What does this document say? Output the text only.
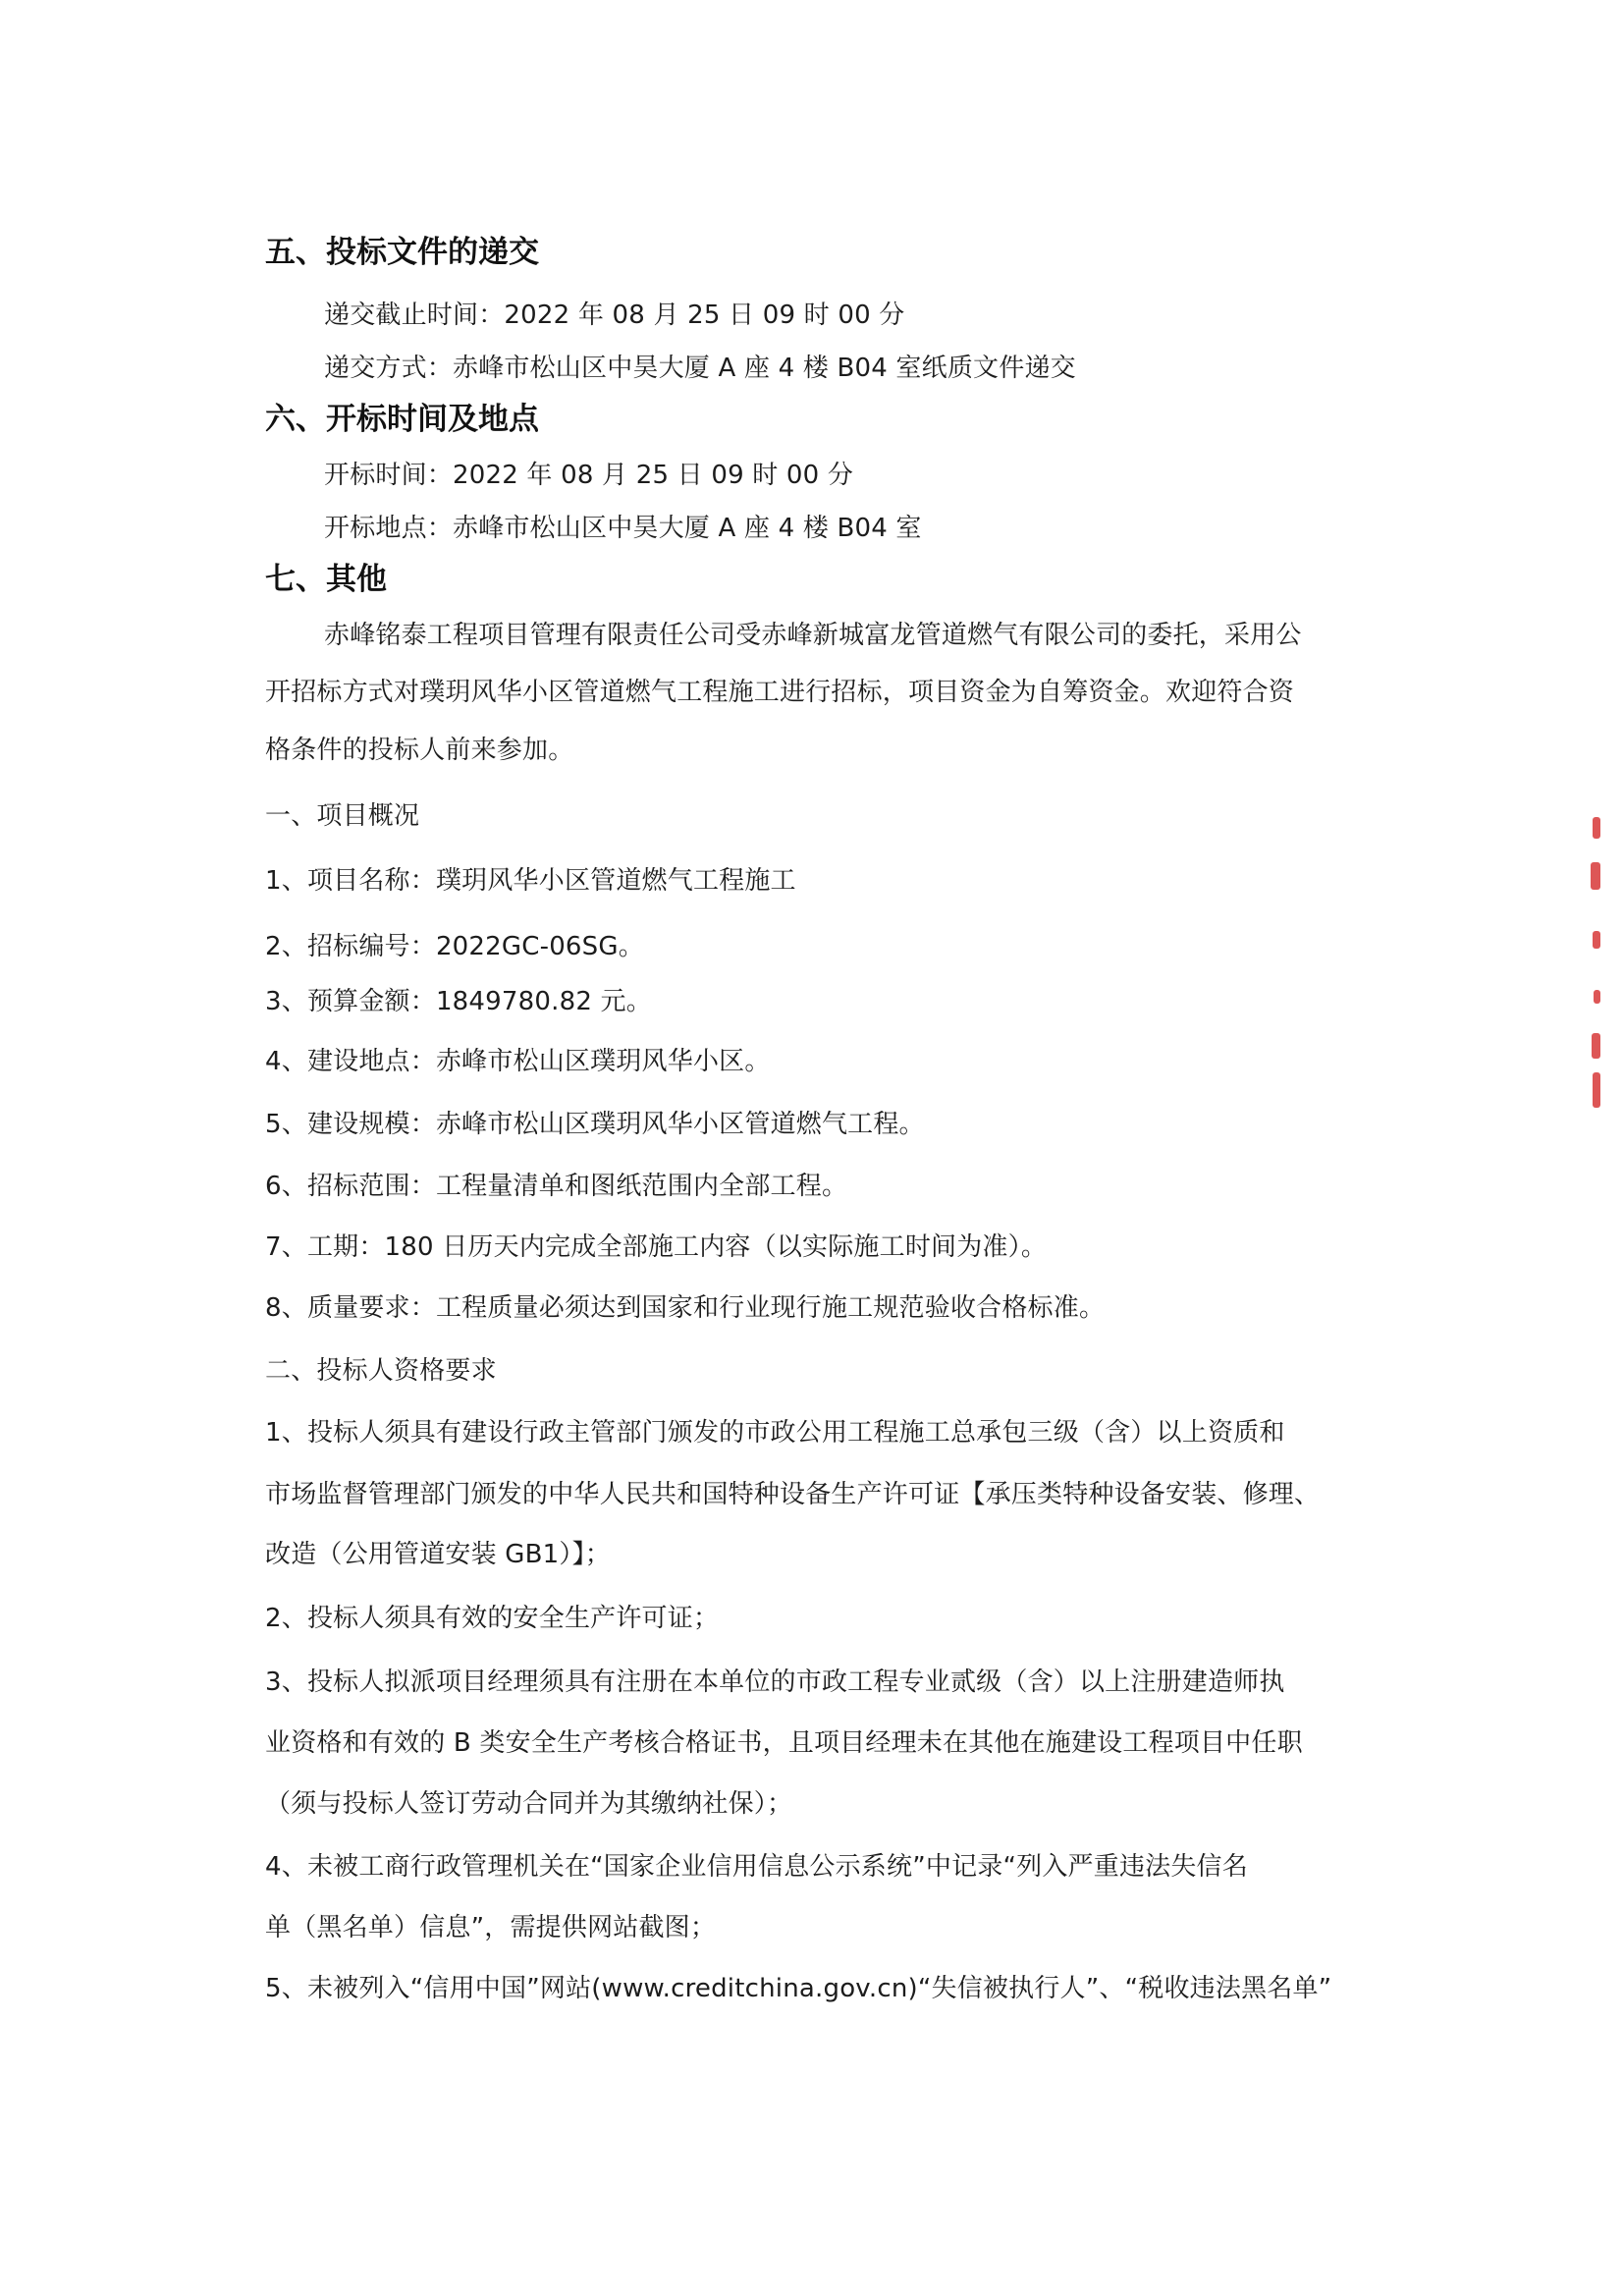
五、投标文件的递交
递交截止时间：2022 年 08 月 25 日 09 时 00 分
递交方式：赤峰市松山区中昊大厦 A 座 4 楼 B04 室纸质文件递交
六、开标时间及地点
开标时间：2022 年 08 月 25 日 09 时 00 分
开标地点：赤峰市松山区中昊大厦 A 座 4 楼 B04 室
七、其他
赤峰铭泰工程项目管理有限责任公司受赤峰新城富龙管道燃气有限公司的委托，采用公
开招标方式对璞玥风华小区管道燃气工程施工进行招标，项目资金为自筹资金。欢迎符合资
格条件的投标人前来参加。
一、项目概况
1、项目名称：璞玥风华小区管道燃气工程施工
2、招标编号：2022GC-06SG。
3、预算金额：1849780.82 元。
4、建设地点：赤峰市松山区璞玥风华小区。
5、建设规模：赤峰市松山区璞玥风华小区管道燃气工程。
6、招标范围：工程量清单和图纸范围内全部工程。
7、工期：180 日历天内完成全部施工内容（以实际施工时间为准）。
8、质量要求：工程质量必须达到国家和行业现行施工规范验收合格标准。
二、投标人资格要求
1、投标人须具有建设行政主管部门颁发的市政公用工程施工总承包三级（含）以上资质和
市场监督管理部门颁发的中华人民共和国特种设备生产许可证【承压类特种设备安装、修理、
改造（公用管道安装 GB1）】；
2、投标人须具有效的安全生产许可证；
3、投标人拟派项目经理须具有注册在本单位的市政工程专业贰级（含）以上注册建造师执
业资格和有效的 B 类安全生产考核合格证书，且项目经理未在其他在施建设工程项目中任职
（须与投标人签订劳动合同并为其缴纳社保）；
4、未被工商行政管理机关在“国家企业信用信息公示系统”中记录“列入严重违法失信名
单（黑名单）信息”，需提供网站截图；
5、未被列入“信用中国”网站(www.creditchina.gov.cn)“失信被执行人”、“税收违法黑名单”
